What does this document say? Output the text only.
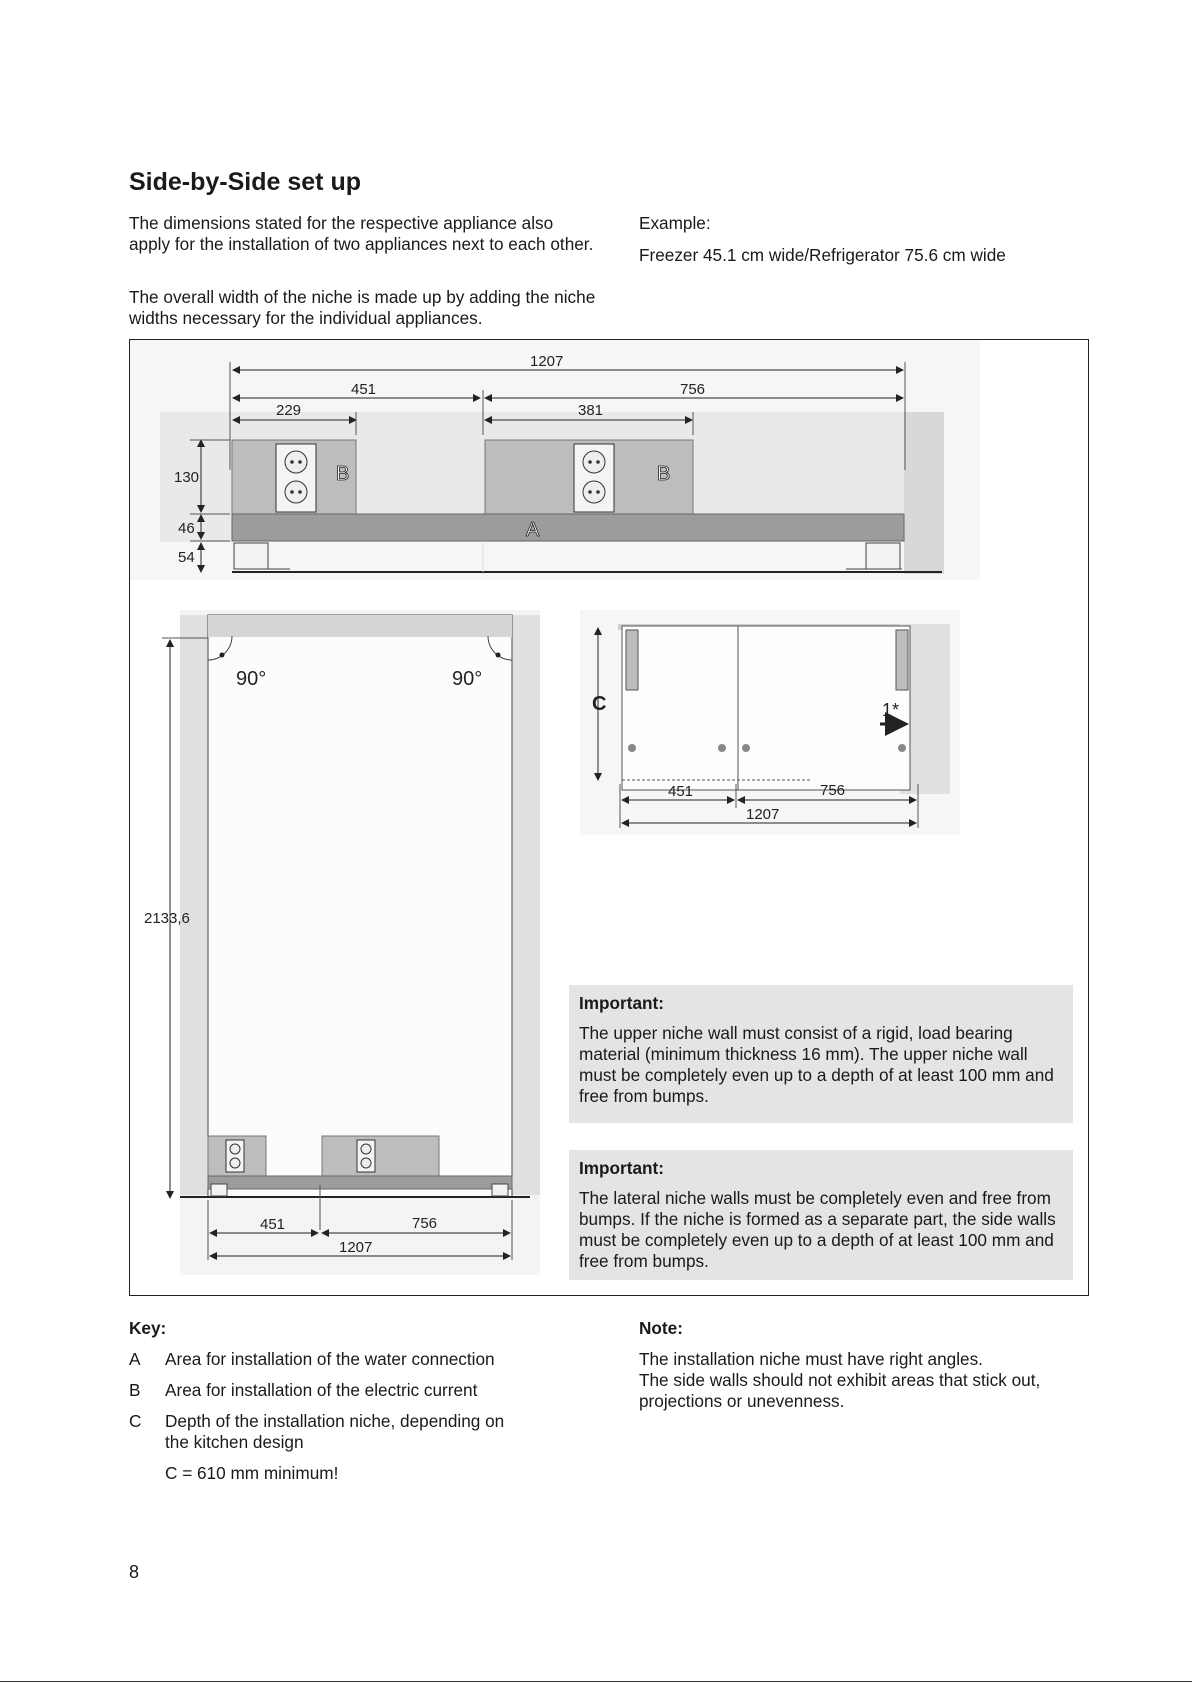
Side-by-Side set up

The dimensions stated for the respective appliance also apply for the installation of two appliances next to each other.

The overall width of the niche is made up by adding the niche widths necessary for the individual appliances.

Example:

Freezer 45.1 cm wide/Refrigerator 75.6 cm wide

1207
451	756
229	381
130
46
54
B	B
A
90°	90°
2133,6
451	756
1207
C	1*
451	756
1207
Important:
The upper niche wall must consist of a rigid, load bearing material (minimum thickness 16 mm). The upper niche wall must be completely even up to a depth of at least 100 mm and free from bumps.
Important:
The lateral niche walls must be completely even and free from bumps. If the niche is formed as a separate part, the side walls must be completely even up to a depth of at least 100 mm and free from bumps.
Key:
A Area for installation of the water connection
B Area for installation of the electric current
C Depth of the installation niche, depending on the kitchen design
C = 610 mm minimum!
Note:
The installation niche must have right angles.
The side walls should not exhibit areas that stick out, projections or unevenness.
8
